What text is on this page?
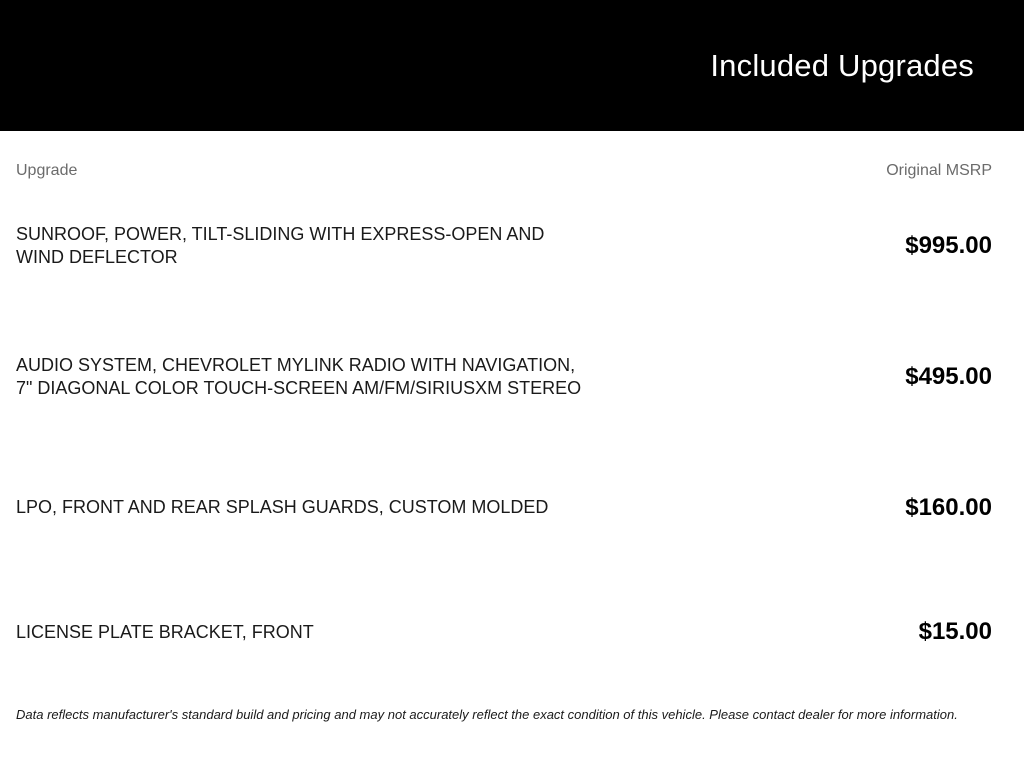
Included Upgrades
Upgrade	Original MSRP

SUNROOF, POWER, TILT-SLIDING WITH EXPRESS-OPEN AND WIND DEFLECTOR	$995.00

AUDIO SYSTEM, CHEVROLET MYLINK RADIO WITH NAVIGATION, 7" DIAGONAL COLOR TOUCH-SCREEN AM/FM/SIRIUSXM STEREO	$495.00

LPO, FRONT AND REAR SPLASH GUARDS, CUSTOM MOLDED	$160.00

LICENSE PLATE BRACKET, FRONT	$15.00

Data reflects manufacturer's standard build and pricing and may not accurately reflect the exact condition of this vehicle. Please contact dealer for more information.
